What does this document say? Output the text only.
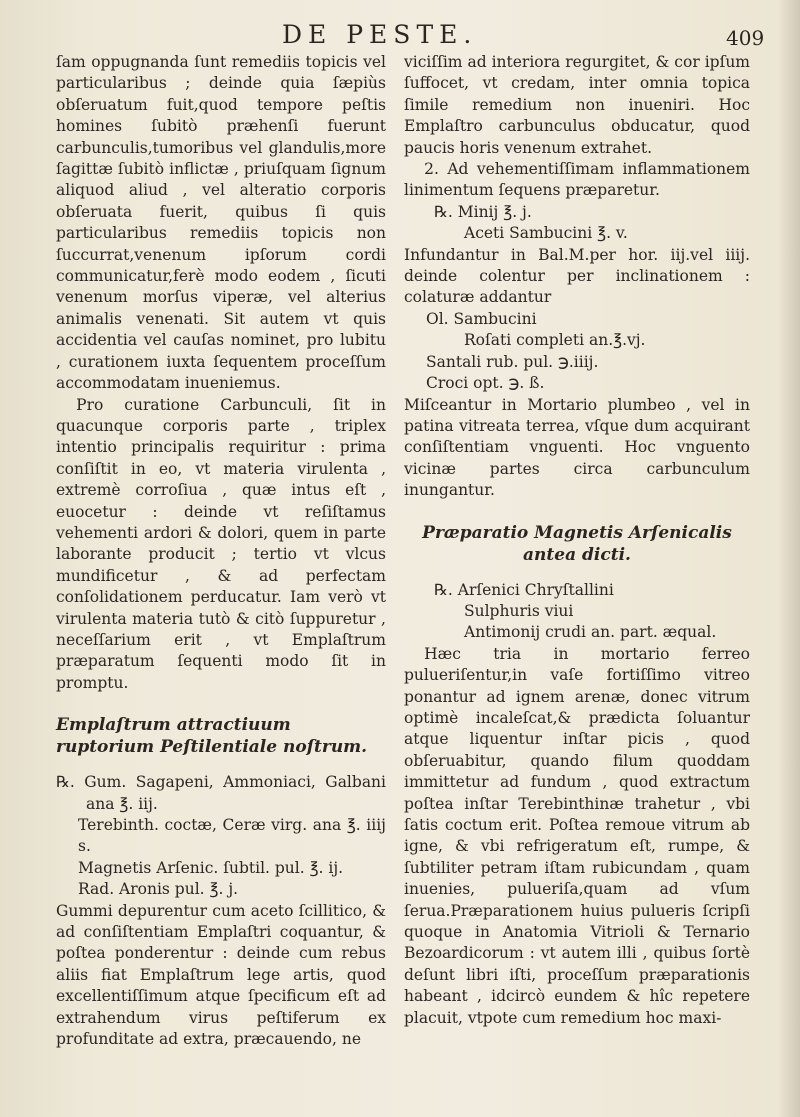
DE PESTE.	409

ſam oppugnanda ſunt remediis topicis vel particularibus ; deinde quia ſæpiùs obſeruatum fuit,quod tempore peſtis homines ſubitò præhenſi fuerunt carbunculis,tumoribus vel glandulis,more ſagittæ ſubitò inflictæ , priuſquam ſignum aliquod aliud , vel alteratio corporis obſeruata fuerit, quibus ſi quis particularibus remediis topicis non ſuccurrat,venenum ipſorum cordi communicatur,ferè modo eodem , ſicuti venenum morſus viperæ, vel alterius animalis venenati. Sit autem vt quis accidentia vel cauſas nominet, pro lubitu , curationem iuxta ſequentem proceſſum accommodatam inueniemus.

Pro curatione Carbunculi, ſit in quacunque corporis parte , triplex intentio principalis requiritur : prima conſiſtit in eo, vt materia virulenta , extremè corroſiua , quæ intus eſt , euocetur : deinde vt reſiſtamus vehementi ardori & dolori, quem in parte laborante producit ; tertio vt vlcus mundificetur , & ad perfectam conſolidationem perducatur. Iam verò vt virulenta materia tutò & citò ſuppuretur , neceſſarium erit , vt Emplaſtrum præparatum ſequenti modo ſit in promptu.

Emplaſtrum attractiuum ruptorium Peſtilentiale noſtrum.

℞. Gum. Sagapeni, Ammoniaci, Galbani ana ℥. iij.

Terebinth. coctæ, Ceræ virg. ana ℥. iiij s.

Magnetis Arſenic. ſubtil. pul. ℥. ij.

Rad. Aronis pul. ℥. j.

Gummi depurentur cum aceto ſcillitico, & ad conſiſtentiam Emplaſtri coquantur, & poſtea ponderentur : deinde cum rebus aliis fiat Emplaſtrum lege artis, quod excellentiſſimum atque ſpecificum eſt ad extrahendum virus peſtiferum ex profunditate ad extra, præcauendo, ne

viciſſim ad interiora regurgitet, & cor ipſum ſuffocet, vt credam, inter omnia topica ſimile remedium non inueniri. Hoc Emplaſtro carbunculus obducatur, quod paucis horis venenum extrahet.

2. Ad vehementiſſimam inflammationem linimentum ſequens præparetur.

℞. Minij ℥. j.

Aceti Sambucini ℥. v.

Infundantur in Bal.M.per hor. iij.vel iiij. deinde colentur per inclinationem : colaturæ addantur

Ol. Sambucini

Roſati completi an.℥.vj.

Santali rub. pul. ℈.iiij.

Croci opt. ℈. ß.

Miſceantur in Mortario plumbeo , vel in patina vitreata terrea, vſque dum acquirant conſiſtentiam vnguenti. Hoc vnguento vicinæ partes circa carbunculum inungantur.

Præparatio Magnetis Arſenicalis antea dicti.

℞. Arſenici Chryſtallini

Sulphuris viui

Antimonij crudi an. part. æqual.

Hæc tria in mortario ferreo pulueriſentur,in vaſe fortiſſimo vitreo ponantur ad ignem arenæ, donec vitrum optimè incaleſcat,& prædicta ſoluantur atque liquentur inſtar picis , quod obſeruabitur, quando filum quoddam immittetur ad fundum , quod extractum poſtea inſtar Terebinthinæ trahetur , vbi ſatis coctum erit. Poſtea remoue vitrum ab igne, & vbi refrigeratum eſt, rumpe, & ſubtiliter petram iſtam rubicundam , quam inuenies, pulueriſa,quam ad vſum ſerua.Præparationem huius pulueris ſcripſi quoque in Anatomia Vitrioli & Ternario Bezoardicorum : vt autem illi , quibus ſortè deſunt libri iſti, proceſſum præparationis habeant , idcircò eundem & hîc repetere placuit, vtpote cum remedium hoc maxi-
